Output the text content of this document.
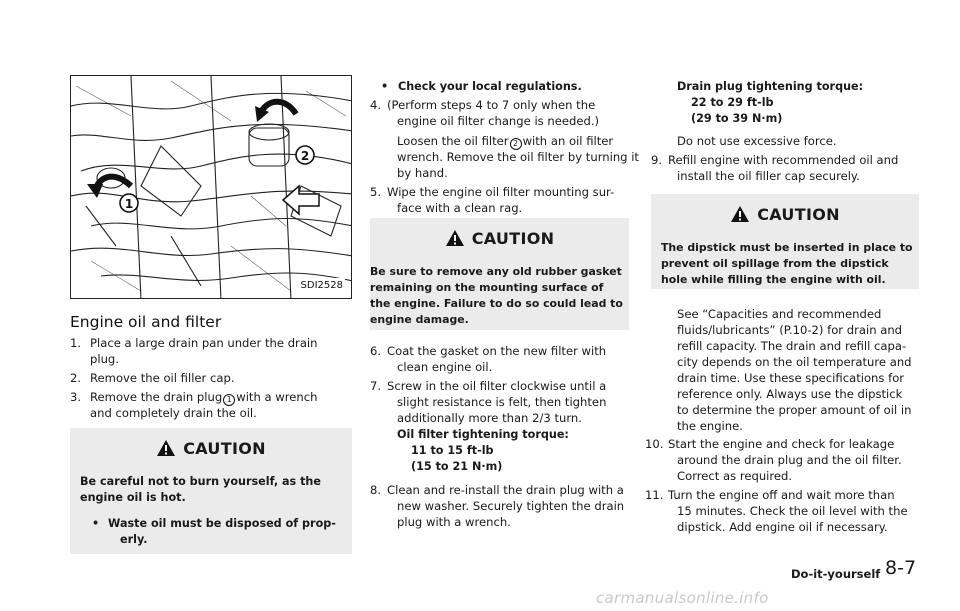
1
2
SDI2528
Engine oil and filter
1. Place a large drain pan under the drain
plug.
2. Remove the oil filler cap.
3. Remove the drain plug 1 with a wrench
and completely drain the oil.
CAUTION
Be careful not to burn yourself, as the
engine oil is hot.
• Waste oil must be disposed of prop-
erly.
• Check your local regulations.
4. (Perform steps 4 to 7 only when the
engine oil filter change is needed.)
Loosen the oil filter 2 with an oil filter
wrench. Remove the oil filter by turning it
by hand.
5. Wipe the engine oil filter mounting sur-
face with a clean rag.
CAUTION
Be sure to remove any old rubber gasket
remaining on the mounting surface of
the engine. Failure to do so could lead to
engine damage.
6. Coat the gasket on the new filter with
clean engine oil.
7. Screw in the oil filter clockwise until a
slight resistance is felt, then tighten
additionally more than 2/3 turn.
Oil filter tightening torque:
11 to 15 ft-lb
(15 to 21 N·m)
8. Clean and re-install the drain plug with a
new washer. Securely tighten the drain
plug with a wrench.
Drain plug tightening torque:
22 to 29 ft-lb
(29 to 39 N·m)
Do not use excessive force.
9. Refill engine with recommended oil and
install the oil filler cap securely.
CAUTION
The dipstick must be inserted in place to
prevent oil spillage from the dipstick
hole while filling the engine with oil.
See “Capacities and recommended
fluids/lubricants” (P.10-2) for drain and
refill capacity. The drain and refill capa-
city depends on the oil temperature and
drain time. Use these specifications for
reference only. Always use the dipstick
to determine the proper amount of oil in
the engine.
10. Start the engine and check for leakage
around the drain plug and the oil filter.
Correct as required.
11. Turn the engine off and wait more than
15 minutes. Check the oil level with the
dipstick. Add engine oil if necessary.
Do-it-yourself 8-7
carmanualsonline.info
